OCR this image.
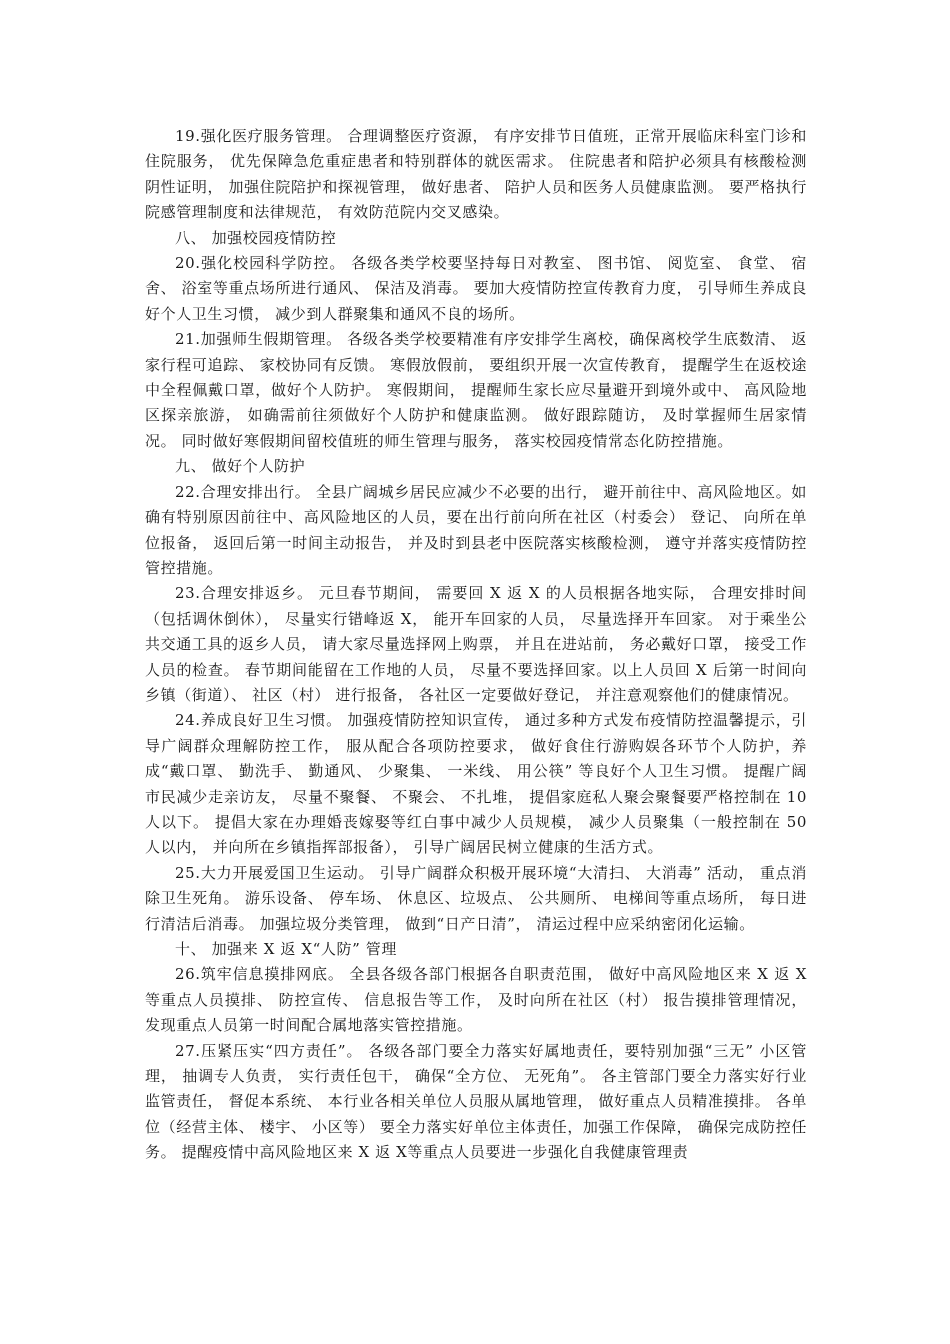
19.强化医疗服务管理。 合理调整医疗资源， 有序安排节日值班，正常开展临床科室门诊和住院服务， 优先保障急危重症患者和特别群体的就医需求。 住院患者和陪护必须具有核酸检测阴性证明， 加强住院陪护和探视管理， 做好患者、 陪护人员和医务人员健康监测。 要严格执行院感管理制度和法律规范， 有效防范院内交叉感染。

八、 加强校园疫情防控

20.强化校园科学防控。 各级各类学校要坚持每日对教室、 图书馆、 阅览室、 食堂、 宿舍、 浴室等重点场所进行通风、 保洁及消毒。 要加大疫情防控宣传教育力度， 引导师生养成良好个人卫生习惯， 减少到人群聚集和通风不良的场所。

21.加强师生假期管理。 各级各类学校要精准有序安排学生离校，确保离校学生底数清、 返家行程可追踪、 家校协同有反馈。 寒假放假前， 要组织开展一次宣传教育， 提醒学生在返校途中全程佩戴口罩，做好个人防护。 寒假期间， 提醒师生家长应尽量避开到境外或中、 高风险地区探亲旅游， 如确需前往须做好个人防护和健康监测。 做好跟踪随访， 及时掌握师生居家情况。 同时做好寒假期间留校值班的师生管理与服务， 落实校园疫情常态化防控措施。

九、 做好个人防护

22.合理安排出行。 全县广阔城乡居民应减少不必要的出行， 避开前往中、高风险地区。如确有特别原因前往中、高风险地区的人员，要在出行前向所在社区（村委会） 登记、 向所在单位报备， 返回后第一时间主动报告， 并及时到县老中医院落实核酸检测， 遵守并落实疫情防控管控措施。

23.合理安排返乡。 元旦春节期间， 需要回 X 返 X 的人员根据各地实际， 合理安排时间（包括调休倒休）， 尽量实行错峰返 X， 能开车回家的人员， 尽量选择开车回家。 对于乘坐公共交通工具的返乡人员， 请大家尽量选择网上购票， 并且在进站前， 务必戴好口罩， 接受工作人员的检查。 春节期间能留在工作地的人员， 尽量不要选择回家。以上人员回 X 后第一时间向乡镇（街道）、 社区（村） 进行报备， 各社区一定要做好登记， 并注意观察他们的健康情况。

24.养成良好卫生习惯。 加强疫情防控知识宣传， 通过多种方式发布疫情防控温馨提示，引导广阔群众理解防控工作， 服从配合各项防控要求， 做好食住行游购娱各环节个人防护，养成“戴口罩、 勤洗手、 勤通风、 少聚集、 一米线、 用公筷” 等良好个人卫生习惯。 提醒广阔市民减少走亲访友， 尽量不聚餐、 不聚会、 不扎堆， 提倡家庭私人聚会聚餐要严格控制在 10 人以下。 提倡大家在办理婚丧嫁娶等红白事中减少人员规模， 减少人员聚集（一般控制在 50 人以内， 并向所在乡镇指挥部报备）， 引导广阔居民树立健康的生活方式。

25.大力开展爱国卫生运动。 引导广阔群众积极开展环境“大清扫、 大消毒” 活动， 重点消除卫生死角。 游乐设备、 停车场、 休息区、垃圾点、 公共厕所、 电梯间等重点场所， 每日进行清洁后消毒。 加强垃圾分类管理， 做到“日产日清”， 清运过程中应采纳密闭化运输。

十、 加强来 X 返 X“人防” 管理

26.筑牢信息摸排网底。 全县各级各部门根据各自职责范围， 做好中高风险地区来 X 返 X 等重点人员摸排、 防控宣传、 信息报告等工作， 及时向所在社区（村） 报告摸排管理情况， 发现重点人员第一时间配合属地落实管控措施。

27.压紧压实“四方责任”。 各级各部门要全力落实好属地责任，要特别加强“三无” 小区管理， 抽调专人负责， 实行责任包干， 确保“全方位、 无死角”。 各主管部门要全力落实好行业监管责任， 督促本系统、 本行业各相关单位人员服从属地管理， 做好重点人员精准摸排。 各单位（经营主体、 楼宇、 小区等） 要全力落实好单位主体责任，加强工作保障， 确保完成防控任务。 提醒疫情中高风险地区来 X 返 X等重点人员要进一步强化自我健康管理责
